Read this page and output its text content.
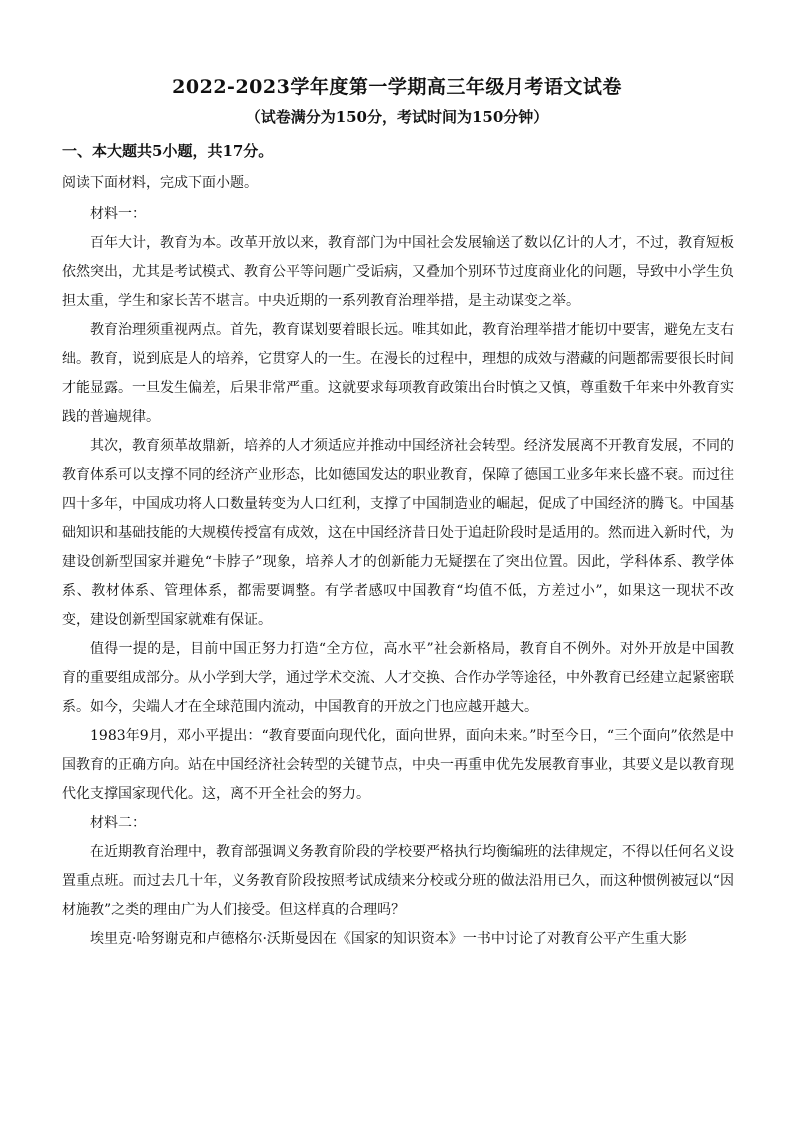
2022-2023学年度第一学期高三年级月考语文试卷
（试卷满分为150分，考试时间为150分钟）
一、本大题共5小题，共17分。
阅读下面材料，完成下面小题。

材料一：

百年大计，教育为本。改革开放以来，教育部门为中国社会发展输送了数以亿计的人才，不过，教育短板依然突出，尤其是考试模式、教育公平等问题广受诟病，又叠加个别环节过度商业化的问题，导致中小学生负担太重，学生和家长苦不堪言。中央近期的一系列教育治理举措，是主动谋变之举。

教育治理须重视两点。首先，教育谋划要着眼长远。唯其如此，教育治理举措才能切中要害，避免左支右绌。教育，说到底是人的培养，它贯穿人的一生。在漫长的过程中，理想的成效与潜藏的问题都需要很长时间才能显露。一旦发生偏差，后果非常严重。这就要求每项教育政策出台时慎之又慎，尊重数千年来中外教育实践的普遍规律。

其次，教育须革故鼎新，培养的人才须适应并推动中国经济社会转型。经济发展离不开教育发展，不同的教育体系可以支撑不同的经济产业形态，比如德国发达的职业教育，保障了德国工业多年来长盛不衰。而过往四十多年，中国成功将人口数量转变为人口红利，支撑了中国制造业的崛起，促成了中国经济的腾飞。中国基础知识和基础技能的大规模传授富有成效，这在中国经济昔日处于追赶阶段时是适用的。然而进入新时代，为建设创新型国家并避免“卡脖子”现象，培养人才的创新能力无疑摆在了突出位置。因此，学科体系、教学体系、教材体系、管理体系，都需要调整。有学者感叹中国教育“均值不低，方差过小”，如果这一现状不改变，建设创新型国家就难有保证。

值得一提的是，目前中国正努力打造“全方位，高水平”社会新格局，教育自不例外。对外开放是中国教育的重要组成部分。从小学到大学，通过学术交流、人才交换、合作办学等途径，中外教育已经建立起紧密联系。如今，尖端人才在全球范围内流动，中国教育的开放之门也应越开越大。

1983年9月，邓小平提出：“教育要面向现代化，面向世界，面向未来。”时至今日，“三个面向”依然是中国教育的正确方向。站在中国经济社会转型的关键节点，中央一再重申优先发展教育事业，其要义是以教育现代化支撑国家现代化。这，离不开全社会的努力。

材料二：

在近期教育治理中，教育部强调义务教育阶段的学校要严格执行均衡编班的法律规定，不得以任何名义设置重点班。而过去几十年，义务教育阶段按照考试成绩来分校或分班的做法沿用已久，而这种惯例被冠以“因材施教”之类的理由广为人们接受。但这样真的合理吗？

埃里克·哈努谢克和卢德格尔·沃斯曼因在《国家的知识资本》一书中讨论了对教育公平产生重大影
